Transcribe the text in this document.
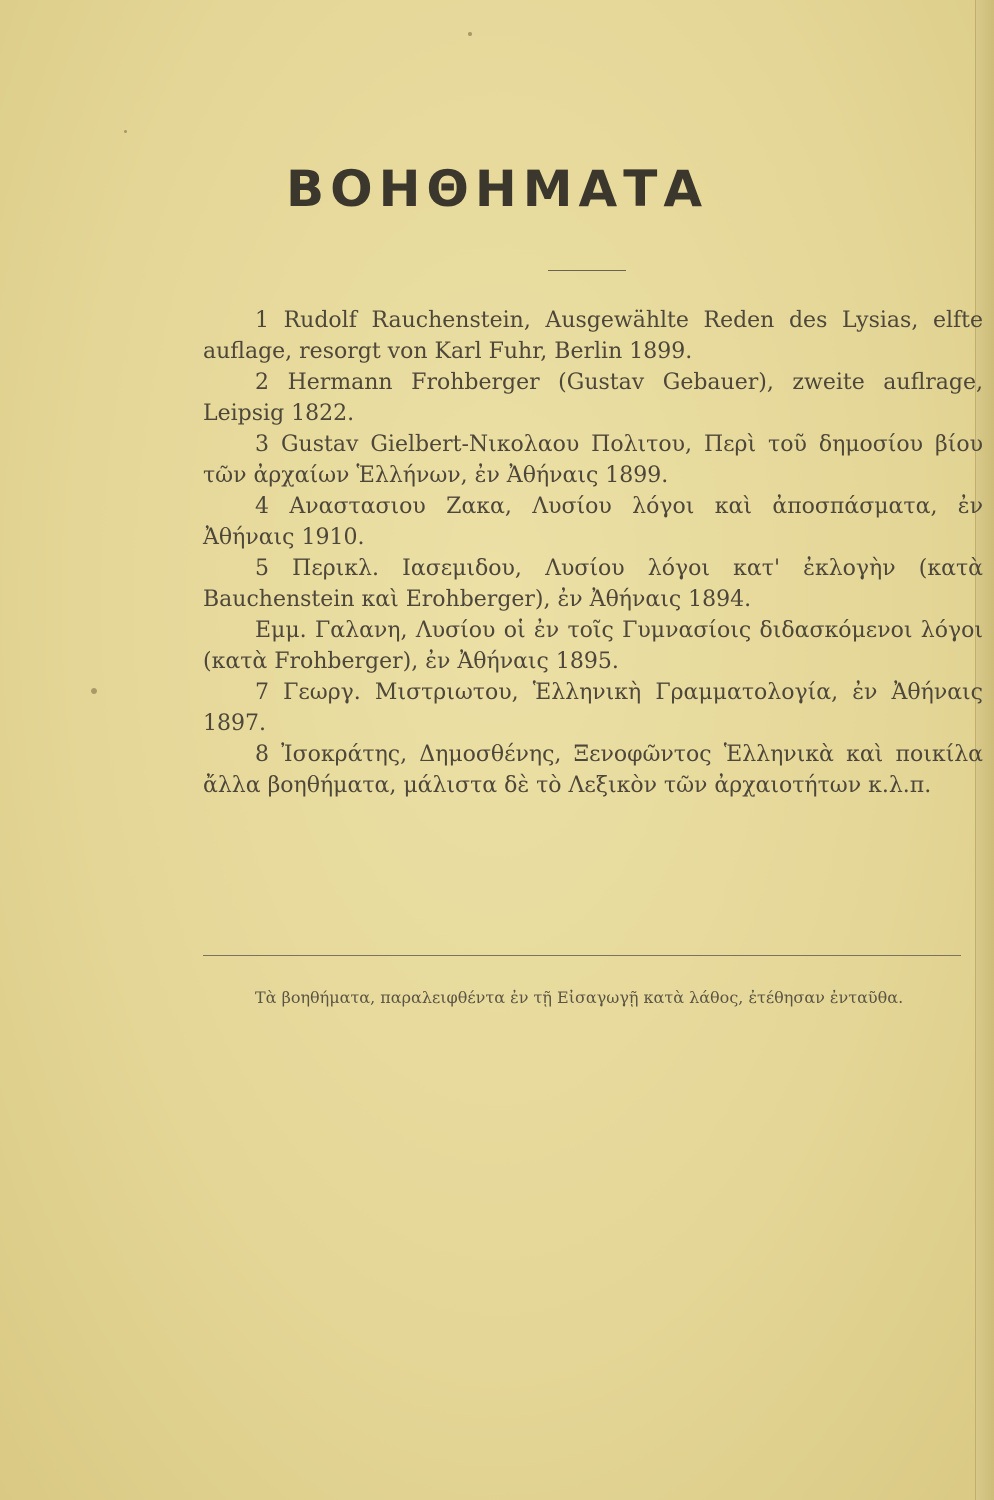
ΒΟΗΘΗΜΑΤΑ
1 Rudolf Rauchenstein, Ausgewählte Reden des Lysias, elfte auflage, resorgt von Karl Fuhr, Berlin 1899.
2 Hermann Frohberger (Gustav Gebauer), zweite auflrage, Leipsig 1822.
3 Gustav Gielbert-Νικολαου Πολιτου, Περὶ τοῦ δημοσίου βίου τῶν ἀρχαίων Ἑλλήνων, ἐν Ἀθήναις 1899.
4 Αναστασιου Ζακα, Λυσίου λόγοι καὶ ἀποσπάσματα, ἐν Ἀθήναις 1910.
5 Περικλ. Ιασεμιδου, Λυσίου λόγοι κατ' ἐκλογὴν (κατὰ Bauchenstein καὶ Erohberger), ἐν Ἀθήναις 1894.
Εμμ. Γαλανη, Λυσίου οἱ ἐν τοῖς Γυμνασίοις διδασκόμενοι λόγοι (κατὰ Frohberger), ἐν Ἀθήναις 1895.
7 Γεωργ. Μιστριωτου, Ἑλληνικὴ Γραμματολογία, ἐν Ἀθήναις 1897.
8 Ἰσοκράτης, Δημοσθένης, Ξενοφῶντος Ἑλληνικὰ καὶ ποικίλα ἄλλα βοηθήματα, μάλιστα δὲ τὸ Λεξικὸν τῶν ἀρχαιοτήτων κ.λ.π.
Τὰ βοηθήματα, παραλειφθέντα ἐν τῇ Εἰσαγωγῇ κατὰ λάθος, ἐτέθησαν ἐνταῦθα.
